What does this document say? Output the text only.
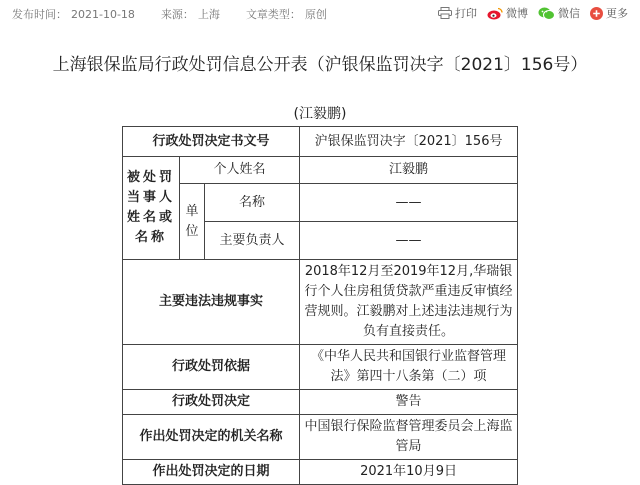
发布时间： 2021-10-18 来源： 上海 文章类型： 原创	打印	微博	微信 更多
上海银保监局行政处罚信息公开表（沪银保监罚决字〔2021〕156号）
(江毅鹏)
行政处罚决定书文号			沪银保监罚决字〔2021〕156号
被处罚当事人姓名或名称	个人姓名		江毅鹏
	单位	名称	——
		主要负责人	——
主要违法违规事实			2018年12月至2019年12月,华瑞银行个人住房租赁贷款严重违反审慎经营规则。江毅鹏对上述违法违规行为负有直接责任。
行政处罚依据			《中华人民共和国银行业监督管理法》第四十八条第（二）项
行政处罚决定			警告
作出处罚决定的机关名称			中国银行保险监督管理委员会上海监管局
作出处罚决定的日期			2021年10月9日
